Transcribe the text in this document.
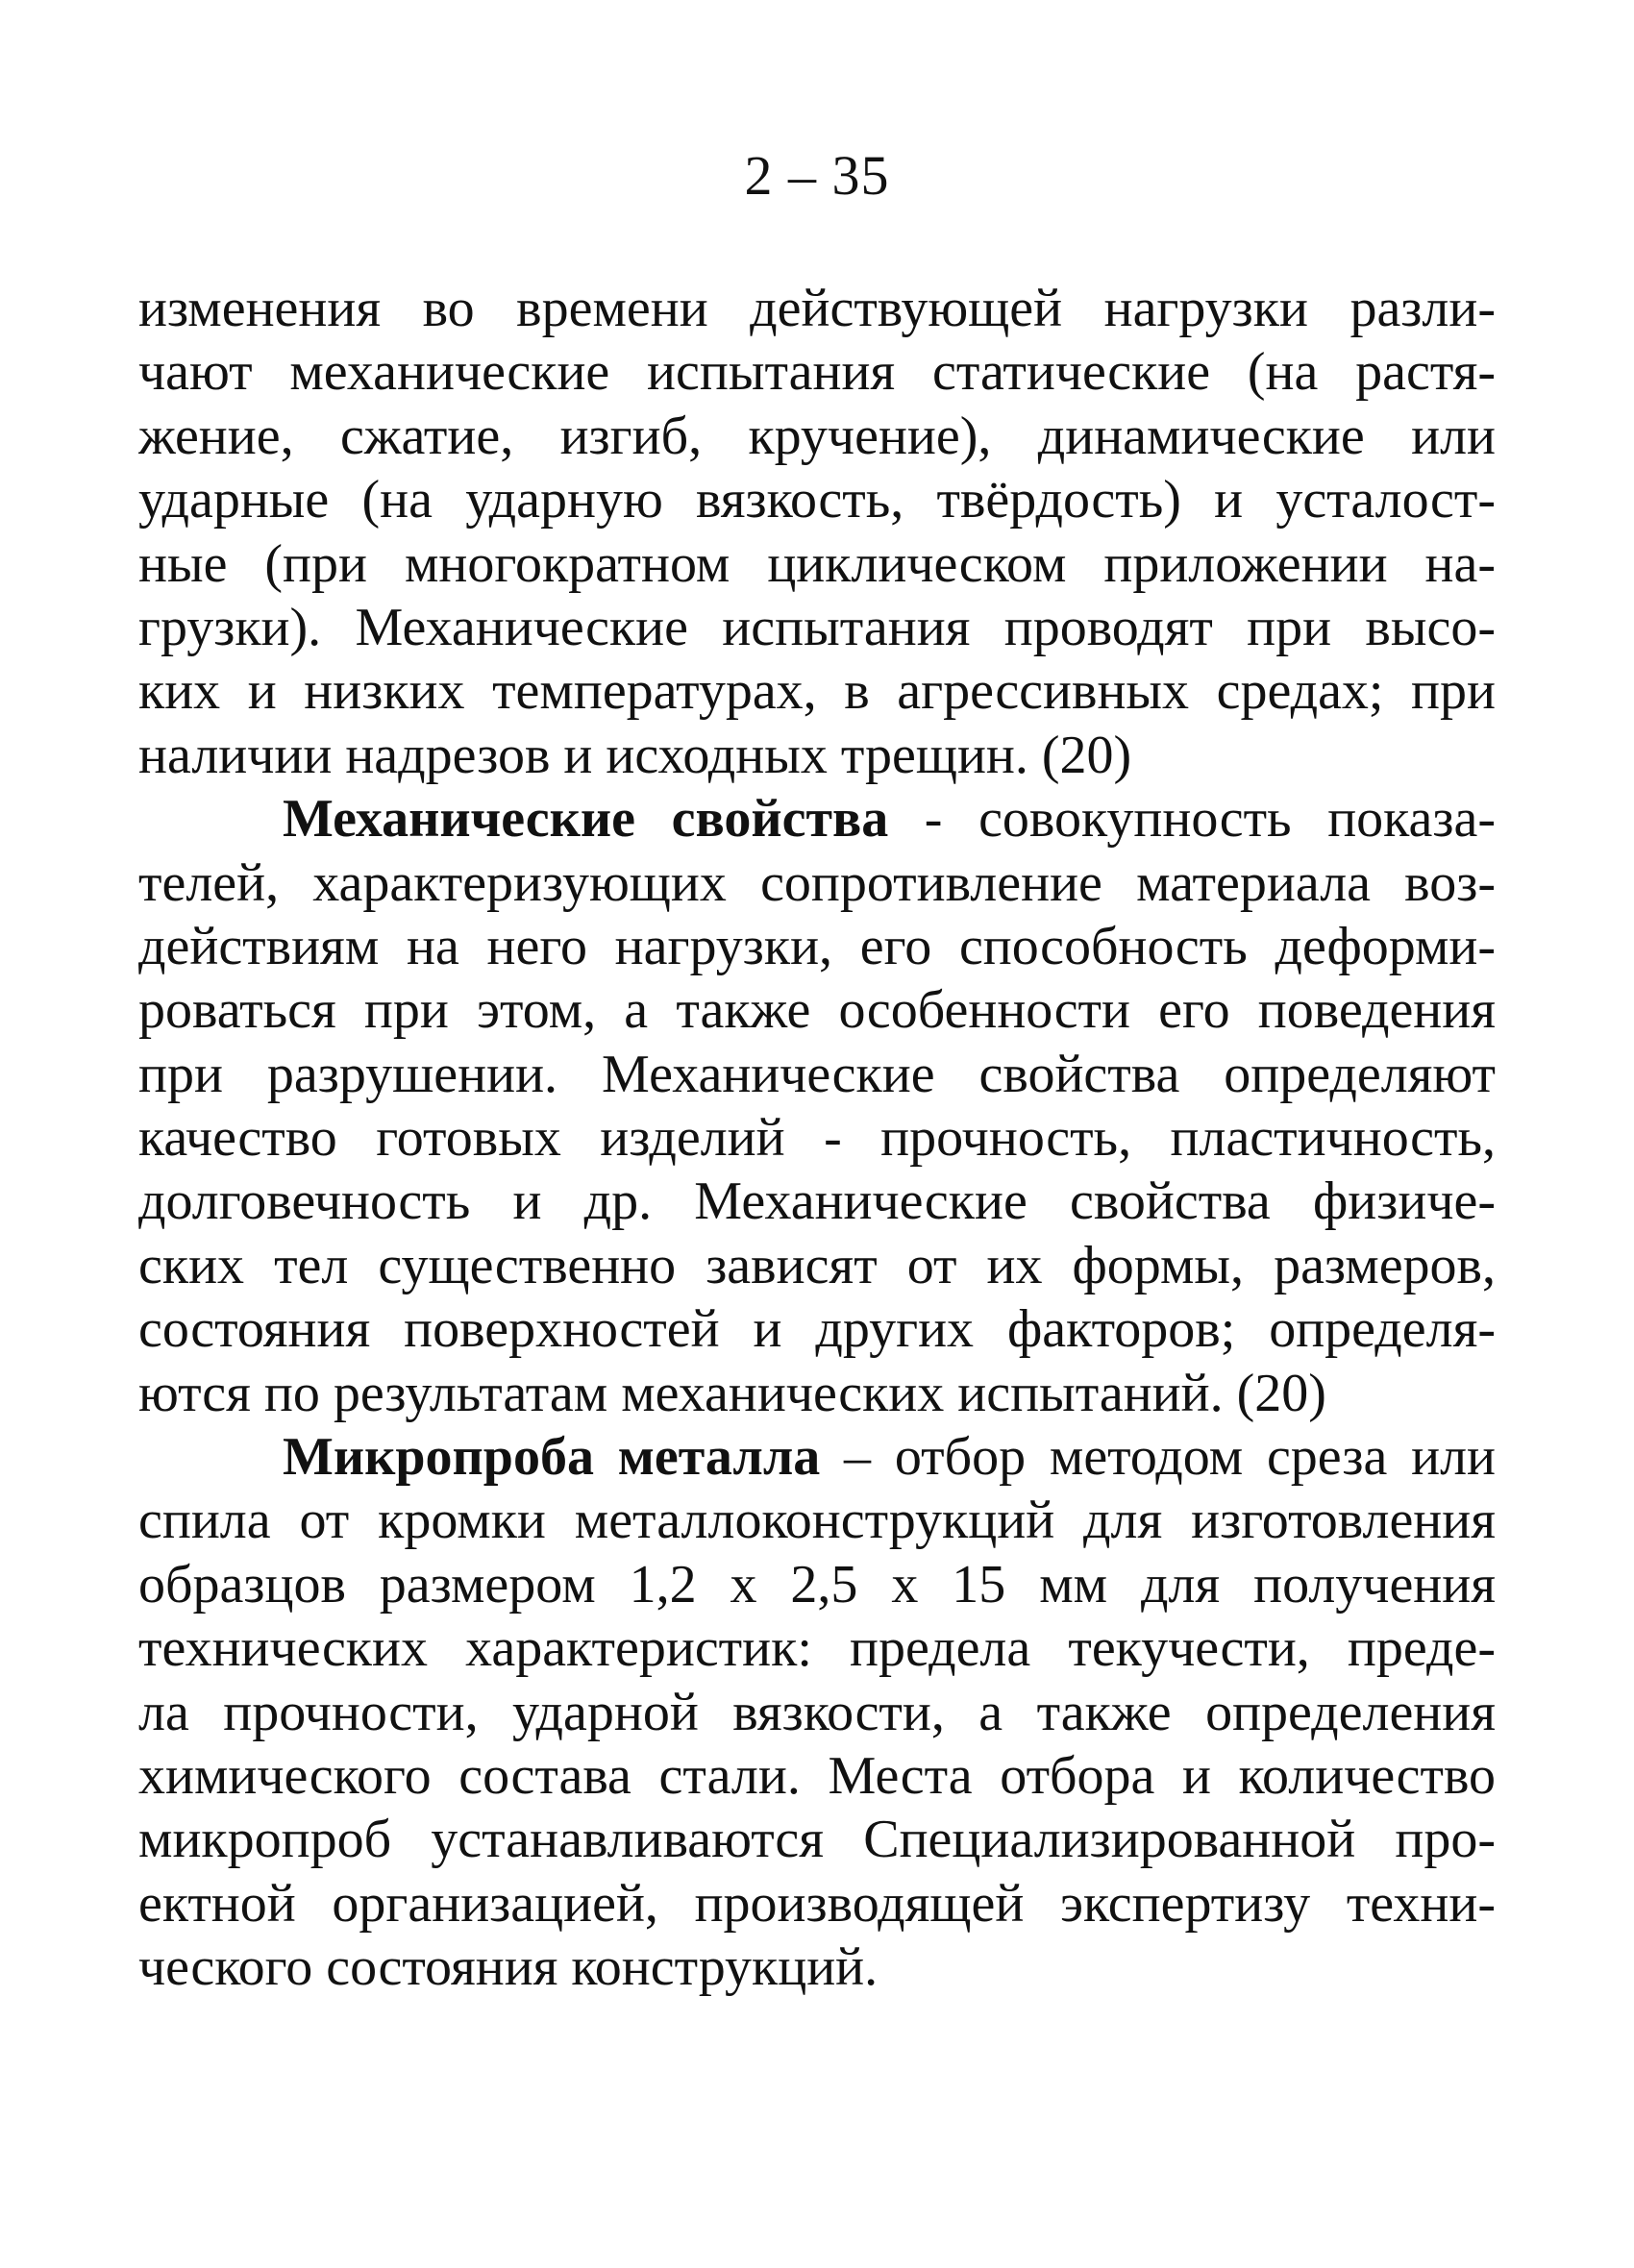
2 – 35
изменения во времени действующей нагрузки разли-
чают механические испытания статические (на растя-
жение, сжатие, изгиб, кручение), динамические или
ударные (на ударную вязкость, твёрдость) и усталост-
ные (при многократном циклическом приложении на-
грузки). Механические испытания проводят при высо-
ких и низких температурах, в агрессивных средах; при
наличии надрезов и исходных трещин. (20)
Механические свойства - совокупность показа-
телей, характеризующих сопротивление материала воз-
действиям на него нагрузки, его способность деформи-
роваться при этом, а также особенности его поведения
при разрушении. Механические свойства определяют
качество готовых изделий - прочность, пластичность,
долговечность и др. Механические свойства физиче-
ских тел существенно зависят от их формы, размеров,
состояния поверхностей и других факторов; определя-
ются по результатам механических испытаний. (20)
Микропроба металла – отбор методом среза или
спила от кромки металлоконструкций для изготовления
образцов размером 1,2 х 2,5 х 15 мм для получения
технических характеристик: предела текучести, преде-
ла прочности, ударной вязкости, а также определения
химического состава стали. Места отбора и количество
микропроб устанавливаются Специализированной про-
ектной организацией, производящей экспертизу техни-
ческого состояния конструкций.
